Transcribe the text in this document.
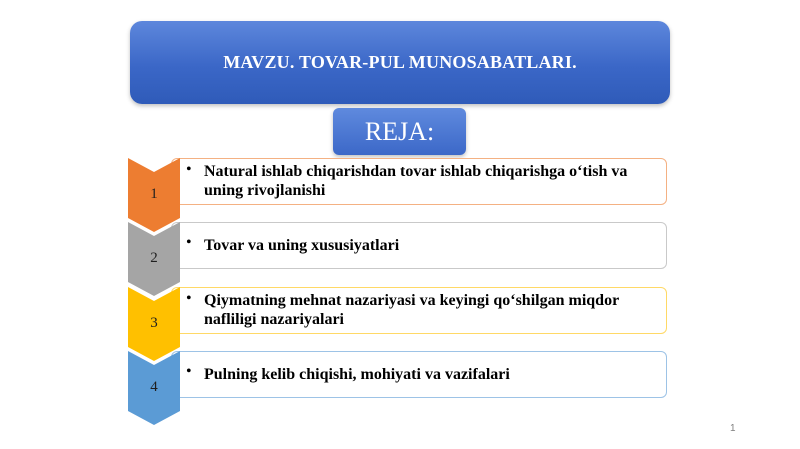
MAVZU. TOVAR-PUL MUNOSABATLARI.
REJA:
1
• Natural ishlab chiqarishdan tovar ishlab chiqarishga o‘tish va uning rivojlanishi
2
• Tovar va uning xususiyatlari
3
• Qiymatning mehnat nazariyasi va keyingi qo‘shilgan miqdor nafliligi nazariyalari
4
• Pulning kelib chiqishi, mohiyati va vazifalari
1
